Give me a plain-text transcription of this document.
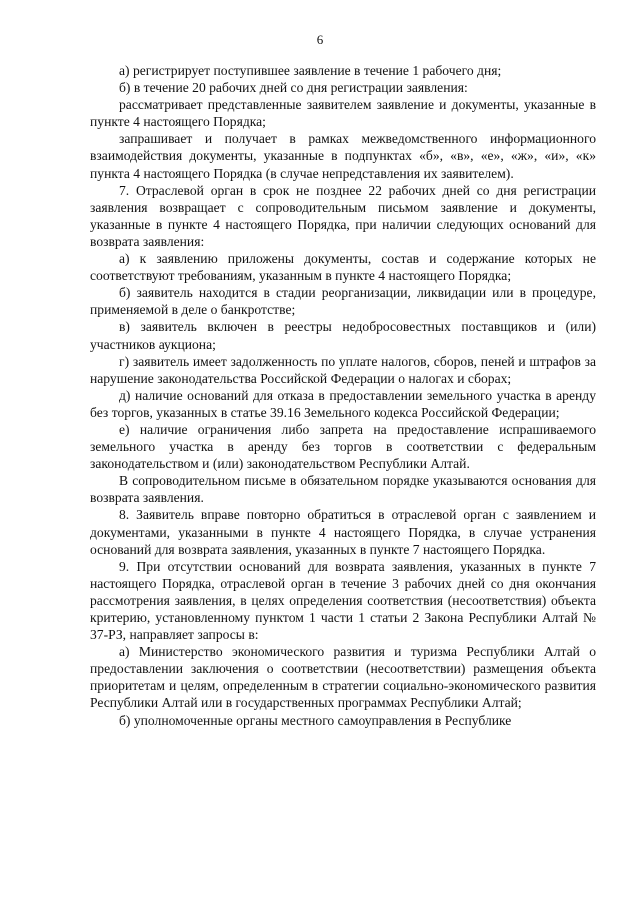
6

а) регистрирует поступившее заявление в течение 1 рабочего дня;

б) в течение 20 рабочих дней со дня регистрации заявления:

рассматривает представленные заявителем заявление и документы, указанные в пункте 4 настоящего Порядка;

запрашивает и получает в рамках межведомственного информационного взаимодействия документы, указанные в подпунктах «б», «в», «е», «ж», «и», «к» пункта 4 настоящего Порядка (в случае непредставления их заявителем).

7. Отраслевой орган в срок не позднее 22 рабочих дней со дня регистрации заявления возвращает с сопроводительным письмом заявление и документы, указанные в пункте 4 настоящего Порядка, при наличии следующих оснований для возврата заявления:

а) к заявлению приложены документы, состав и содержание которых не соответствуют требованиям, указанным в пункте 4 настоящего Порядка;

б) заявитель находится в стадии реорганизации, ликвидации или в процедуре, применяемой в деле о банкротстве;

в) заявитель включен в реестры недобросовестных поставщиков и (или) участников аукциона;

г) заявитель имеет задолженность по уплате налогов, сборов, пеней и штрафов за нарушение законодательства Российской Федерации о налогах и сборах;

д) наличие оснований для отказа в предоставлении земельного участка в аренду без торгов, указанных в статье 39.16 Земельного кодекса Российской Федерации;

е) наличие ограничения либо запрета на предоставление испрашиваемого земельного участка в аренду без торгов в соответствии с федеральным законодательством и (или) законодательством Республики Алтай.

В сопроводительном письме в обязательном порядке указываются основания для возврата заявления.

8. Заявитель вправе повторно обратиться в отраслевой орган с заявлением и документами, указанными в пункте 4 настоящего Порядка, в случае устранения оснований для возврата заявления, указанных в пункте 7 настоящего Порядка.

9. При отсутствии оснований для возврата заявления, указанных в пункте 7 настоящего Порядка, отраслевой орган в течение 3 рабочих дней со дня окончания рассмотрения заявления, в целях определения соответствия (несоответствия) объекта критерию, установленному пунктом 1 части 1 статьи 2 Закона Республики Алтай № 37-РЗ, направляет запросы в:

а) Министерство экономического развития и туризма Республики Алтай о предоставлении заключения о соответствии (несоответствии) размещения объекта приоритетам и целям, определенным в стратегии социально-экономического развития Республики Алтай или в государственных программах Республики Алтай;

б) уполномоченные органы местного самоуправления в Республике
